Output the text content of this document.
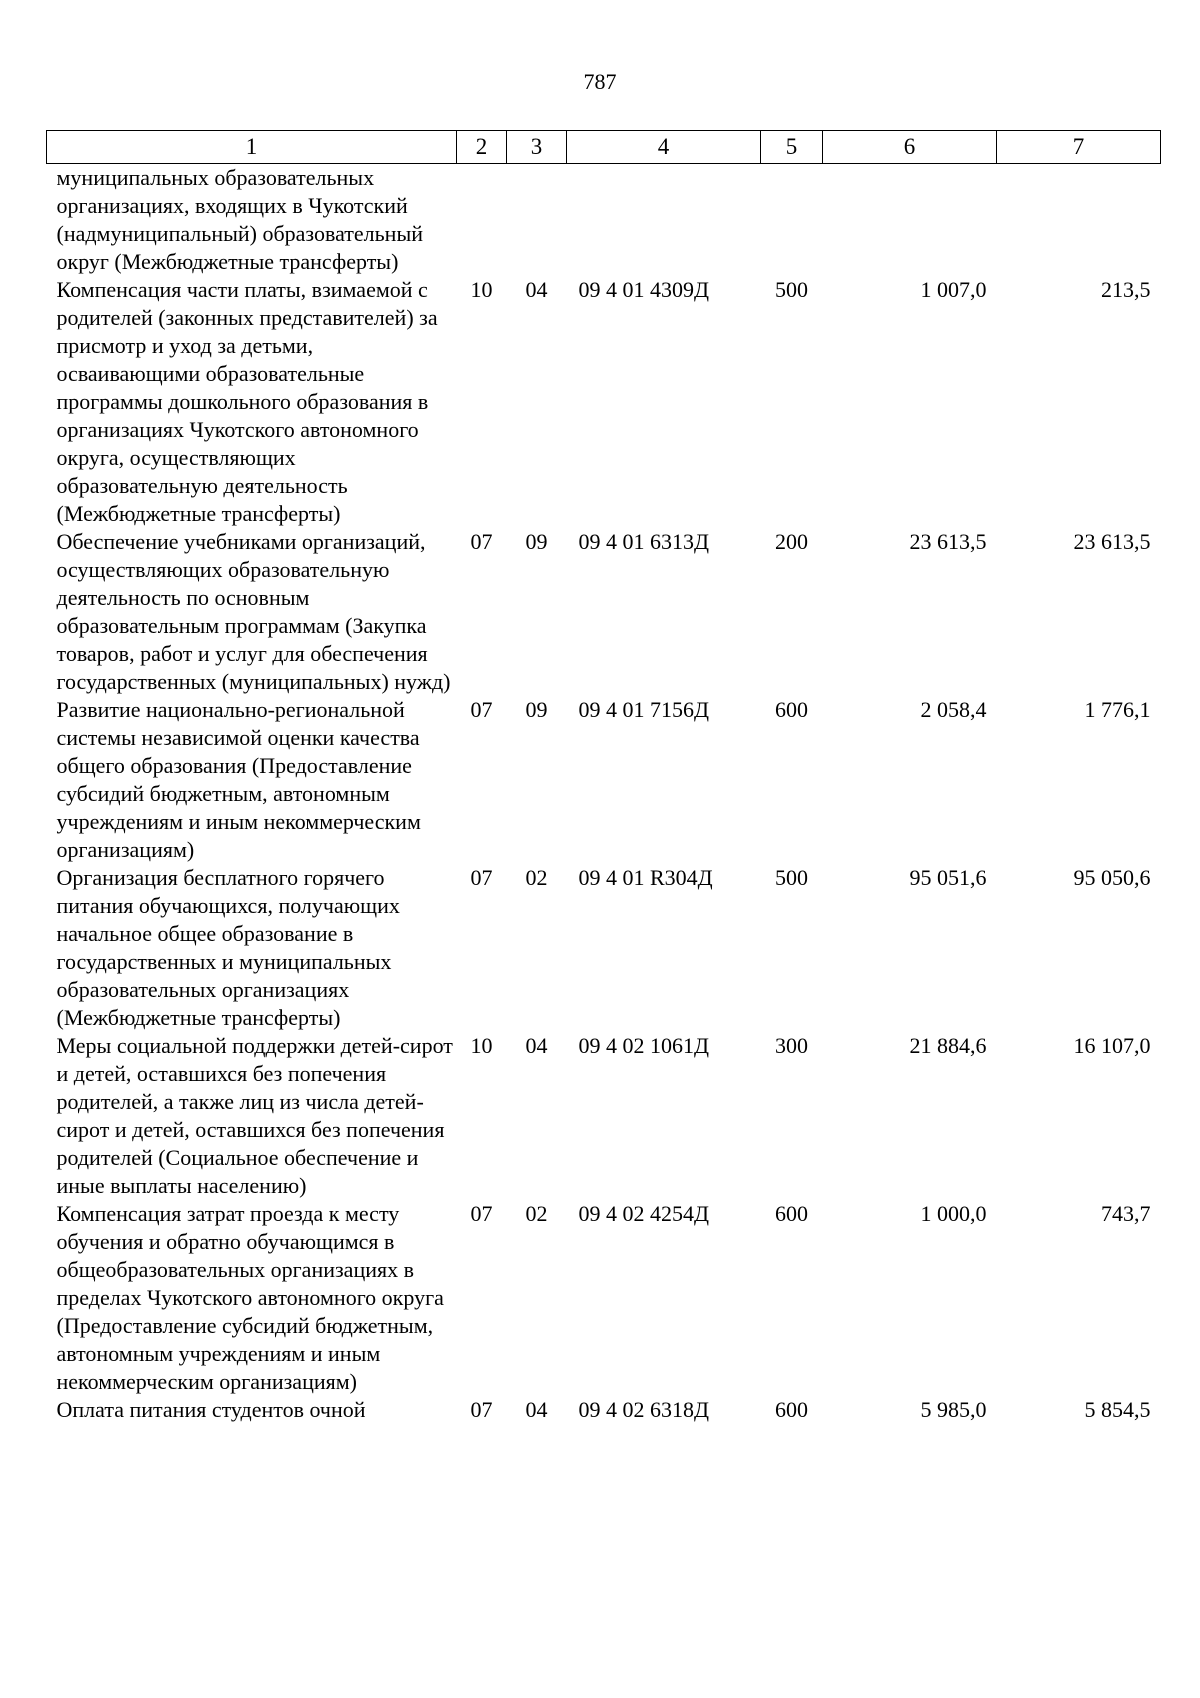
787
1	2	3	4	5	6	7
муниципальных образовательных организациях, входящих в Чукотский (надмуниципальный) образовательный округ (Межбюджетные трансферты)						
Компенсация части платы, взимаемой с родителей (законных представителей) за присмотр и уход за детьми, осваивающими образовательные программы дошкольного образования в организациях Чукотского автономного округа, осуществляющих образовательную деятельность (Межбюджетные трансферты)	10	04	09 4 01 4309Д	500	1 007,0	213,5
Обеспечение учебниками организаций, осуществляющих образовательную деятельность по основным образовательным программам (Закупка товаров, работ и услуг для обеспечения государственных (муниципальных) нужд)	07	09	09 4 01 6313Д	200	23 613,5	23 613,5
Развитие национально-региональной системы независимой оценки качества общего образования (Предоставление субсидий бюджетным, автономным учреждениям и иным некоммерческим организациям)	07	09	09 4 01 7156Д	600	2 058,4	1 776,1
Организация бесплатного горячего питания обучающихся, получающих начальное общее образование в государственных и муниципальных образовательных организациях (Межбюджетные трансферты)	07	02	09 4 01 R304Д	500	95 051,6	95 050,6
Меры социальной поддержки детей-сирот и детей, оставшихся без попечения родителей, а также лиц из числа детей-сирот и детей, оставшихся без попечения родителей (Социальное обеспечение и иные выплаты населению)	10	04	09 4 02 1061Д	300	21 884,6	16 107,0
Компенсация затрат проезда к месту обучения и обратно обучающимся в общеобразовательных организациях в пределах Чукотского автономного округа (Предоставление субсидий бюджетным, автономным учреждениям и иным некоммерческим организациям)	07	02	09 4 02 4254Д	600	1 000,0	743,7
Оплата питания студентов очной	07	04	09 4 02 6318Д	600	5 985,0	5 854,5
